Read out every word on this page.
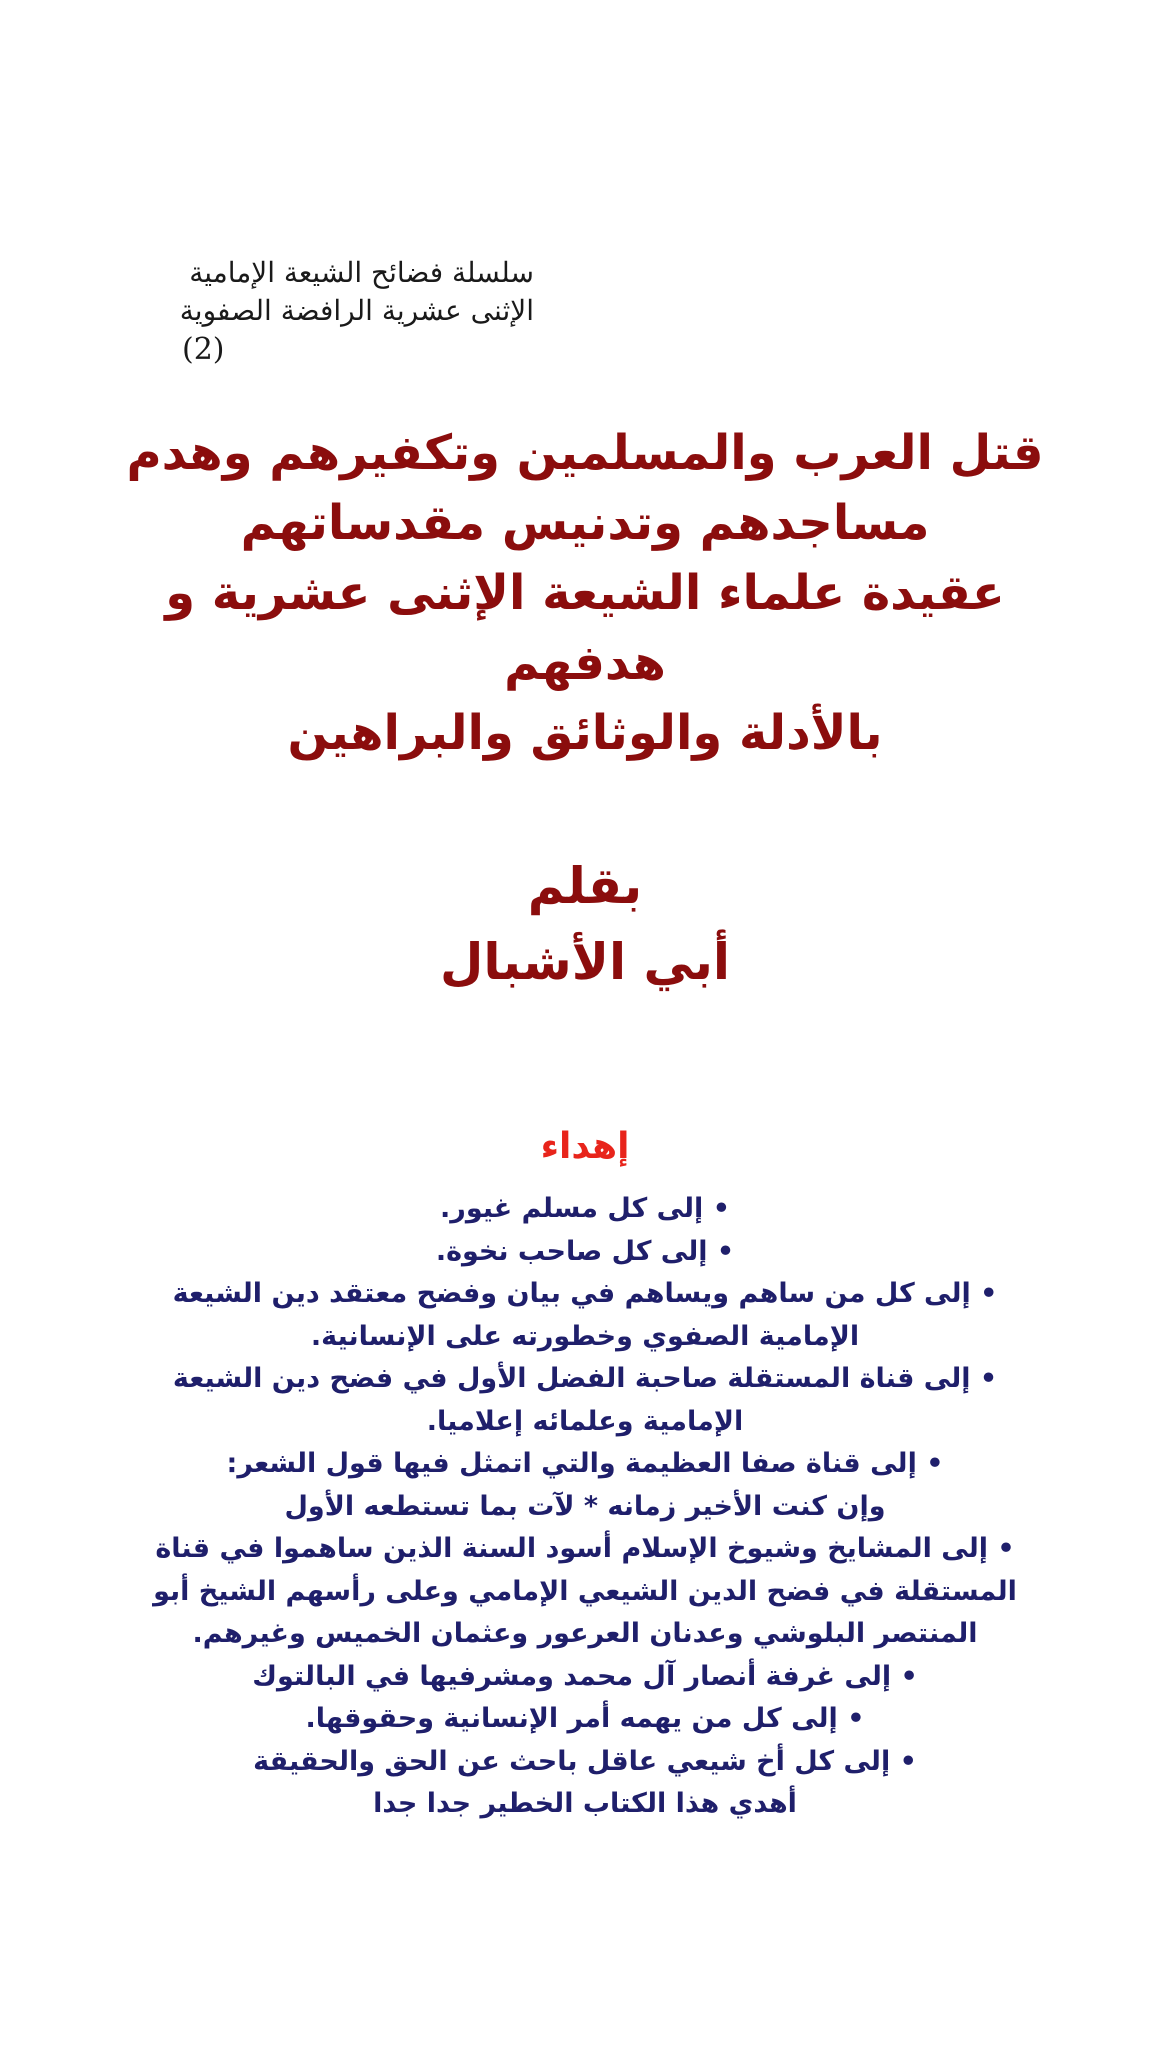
سلسلة فضائح الشيعة الإمامية
الإثنى عشرية الرافضة الصفوية
(2)
قتل العرب والمسلمين وتكفيرهم وهدم
مساجدهم وتدنيس مقدساتهم
عقيدة علماء الشيعة الإثنى عشرية و
هدفهم
بالأدلة والوثائق والبراهين
بقلم
أبي الأشبال
إهداء
• إلى كل مسلم غيور.
• إلى كل صاحب نخوة.
• إلى كل من ساهم ويساهم في بيان وفضح معتقد دين الشيعة
الإمامية الصفوي وخطورته على الإنسانية.
• إلى قناة المستقلة صاحبة الفضل الأول في فضح دين الشيعة
الإمامية وعلمائه إعلاميا.
• إلى قناة صفا العظيمة والتي اتمثل فيها قول الشعر:
وإن كنت الأخير زمانه * لآت بما تستطعه الأول
• إلى المشايخ وشيوخ الإسلام أسود السنة الذين ساهموا في قناة
المستقلة في فضح الدين الشيعي الإمامي وعلى رأسهم الشيخ أبو
المنتصر البلوشي وعدنان العرعور وعثمان الخميس وغيرهم.
• إلى غرفة أنصار آل محمد ومشرفيها في البالتوك
• إلى كل من يهمه أمر الإنسانية وحقوقها.
• إلى كل أخ شيعي عاقل باحث عن الحق والحقيقة
أهدي هذا الكتاب الخطير جدا جدا
